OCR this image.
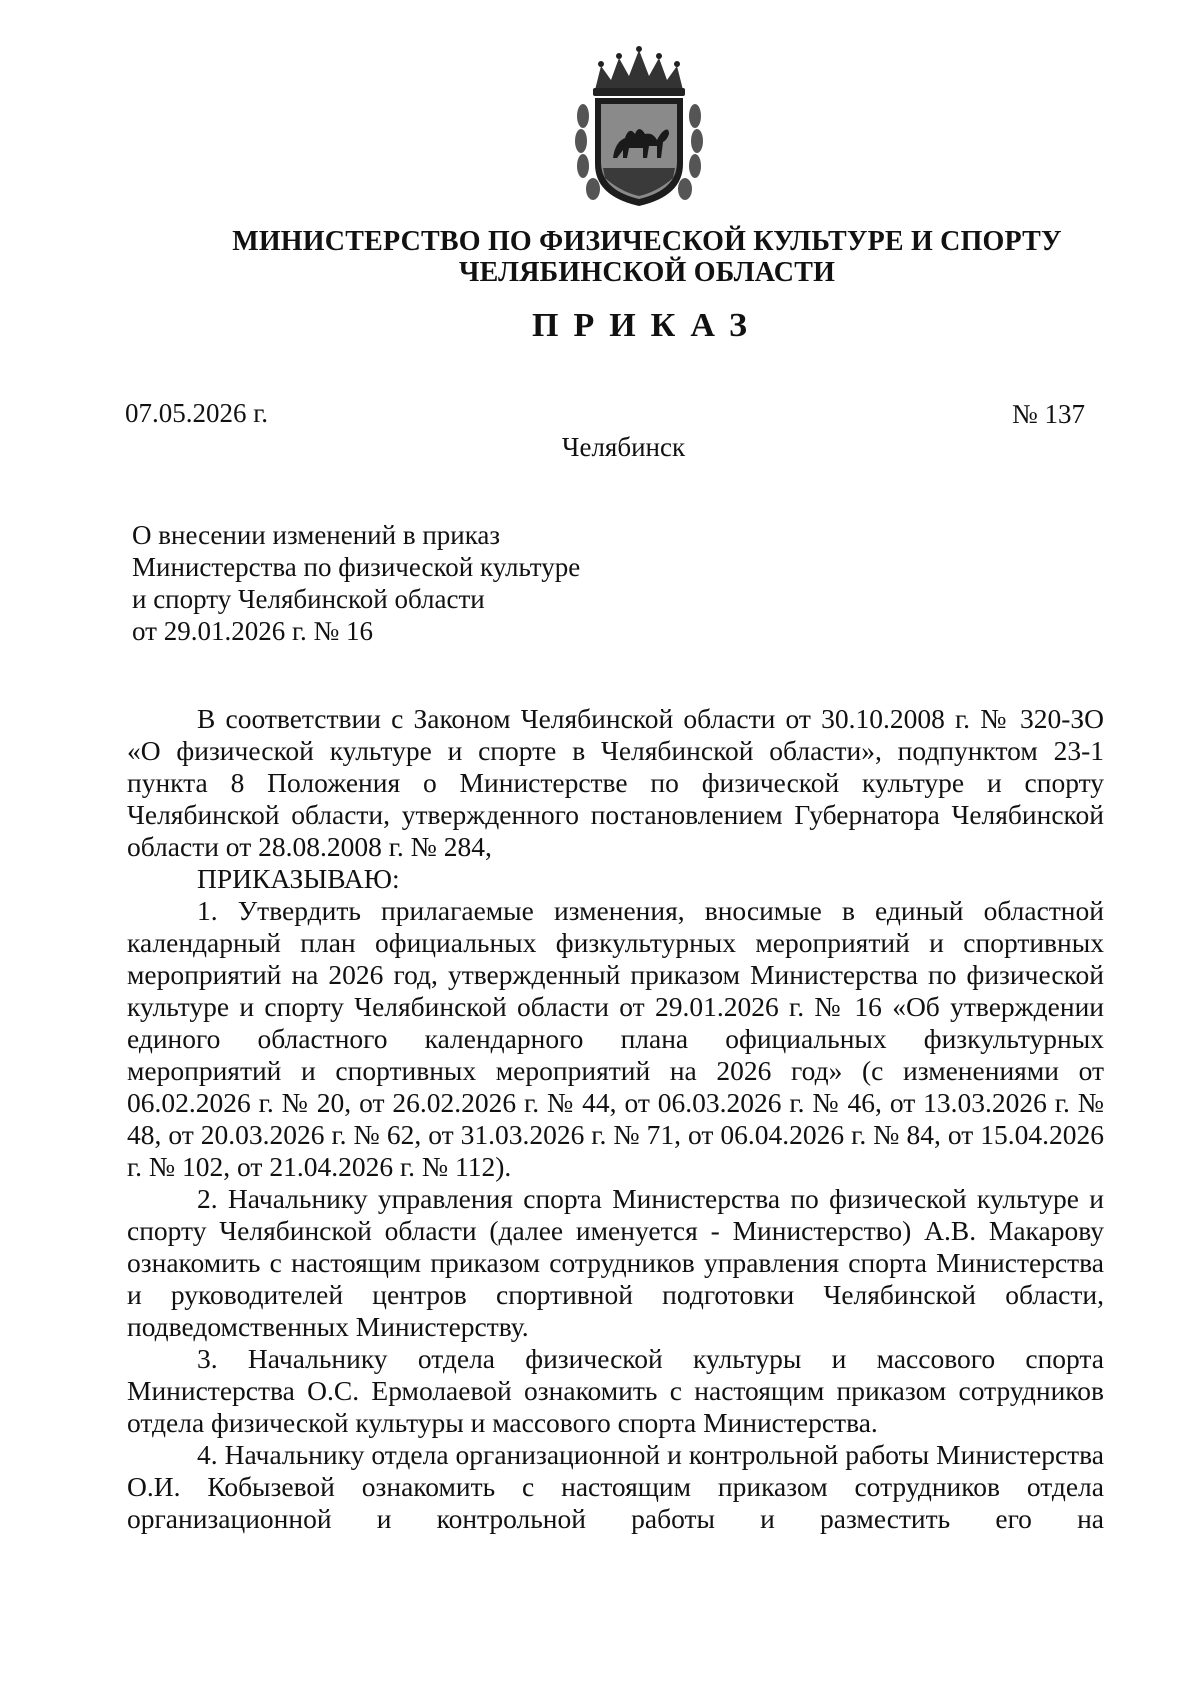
МИНИСТЕРСТВО ПО ФИЗИЧЕСКОЙ КУЛЬТУРЕ И СПОРТУ
ЧЕЛЯБИНСКОЙ ОБЛАСТИ
ПРИКАЗ
07.05.2026 г.	№ 137
Челябинск
О внесении изменений в приказ
Министерства по физической культуре
и спорту Челябинской области
от 29.01.2026 г. № 16

В соответствии с Законом Челябинской области от 30.10.2008 г. № 320-ЗО «О физической культуре и спорте в Челябинской области», подпунктом 23-1 пункта 8 Положения о Министерстве по физической культуре и спорту Челябинской области, утвержденного постановлением Губернатора Челябинской области от 28.08.2008 г. № 284,

ПРИКАЗЫВАЮ:

1. Утвердить прилагаемые изменения, вносимые в единый областной календарный план официальных физкультурных мероприятий и спортивных мероприятий на 2026 год, утвержденный приказом Министерства по физической культуре и спорту Челябинской области от 29.01.2026 г. № 16 «Об утверждении единого областного календарного плана официальных физкультурных мероприятий и спортивных мероприятий на 2026 год» (с изменениями от 06.02.2026 г. № 20, от 26.02.2026 г. № 44, от 06.03.2026 г. № 46, от 13.03.2026 г. № 48, от 20.03.2026 г. № 62, от 31.03.2026 г. № 71, от 06.04.2026 г. № 84, от 15.04.2026 г. № 102, от 21.04.2026 г. № 112).

2. Начальнику управления спорта Министерства по физической культуре и спорту Челябинской области (далее именуется - Министерство) А.В. Макарову ознакомить с настоящим приказом сотрудников управления спорта Министерства и руководителей центров спортивной подготовки Челябинской области, подведомственных Министерству.

3. Начальнику отдела физической культуры и массового спорта Министерства О.С. Ермолаевой ознакомить с настоящим приказом сотрудников отдела физической культуры и массового спорта Министерства.

4. Начальнику отдела организационной и контрольной работы Министерства О.И. Кобызевой ознакомить с настоящим приказом сотрудников отдела организационной и контрольной работы и разместить его на
